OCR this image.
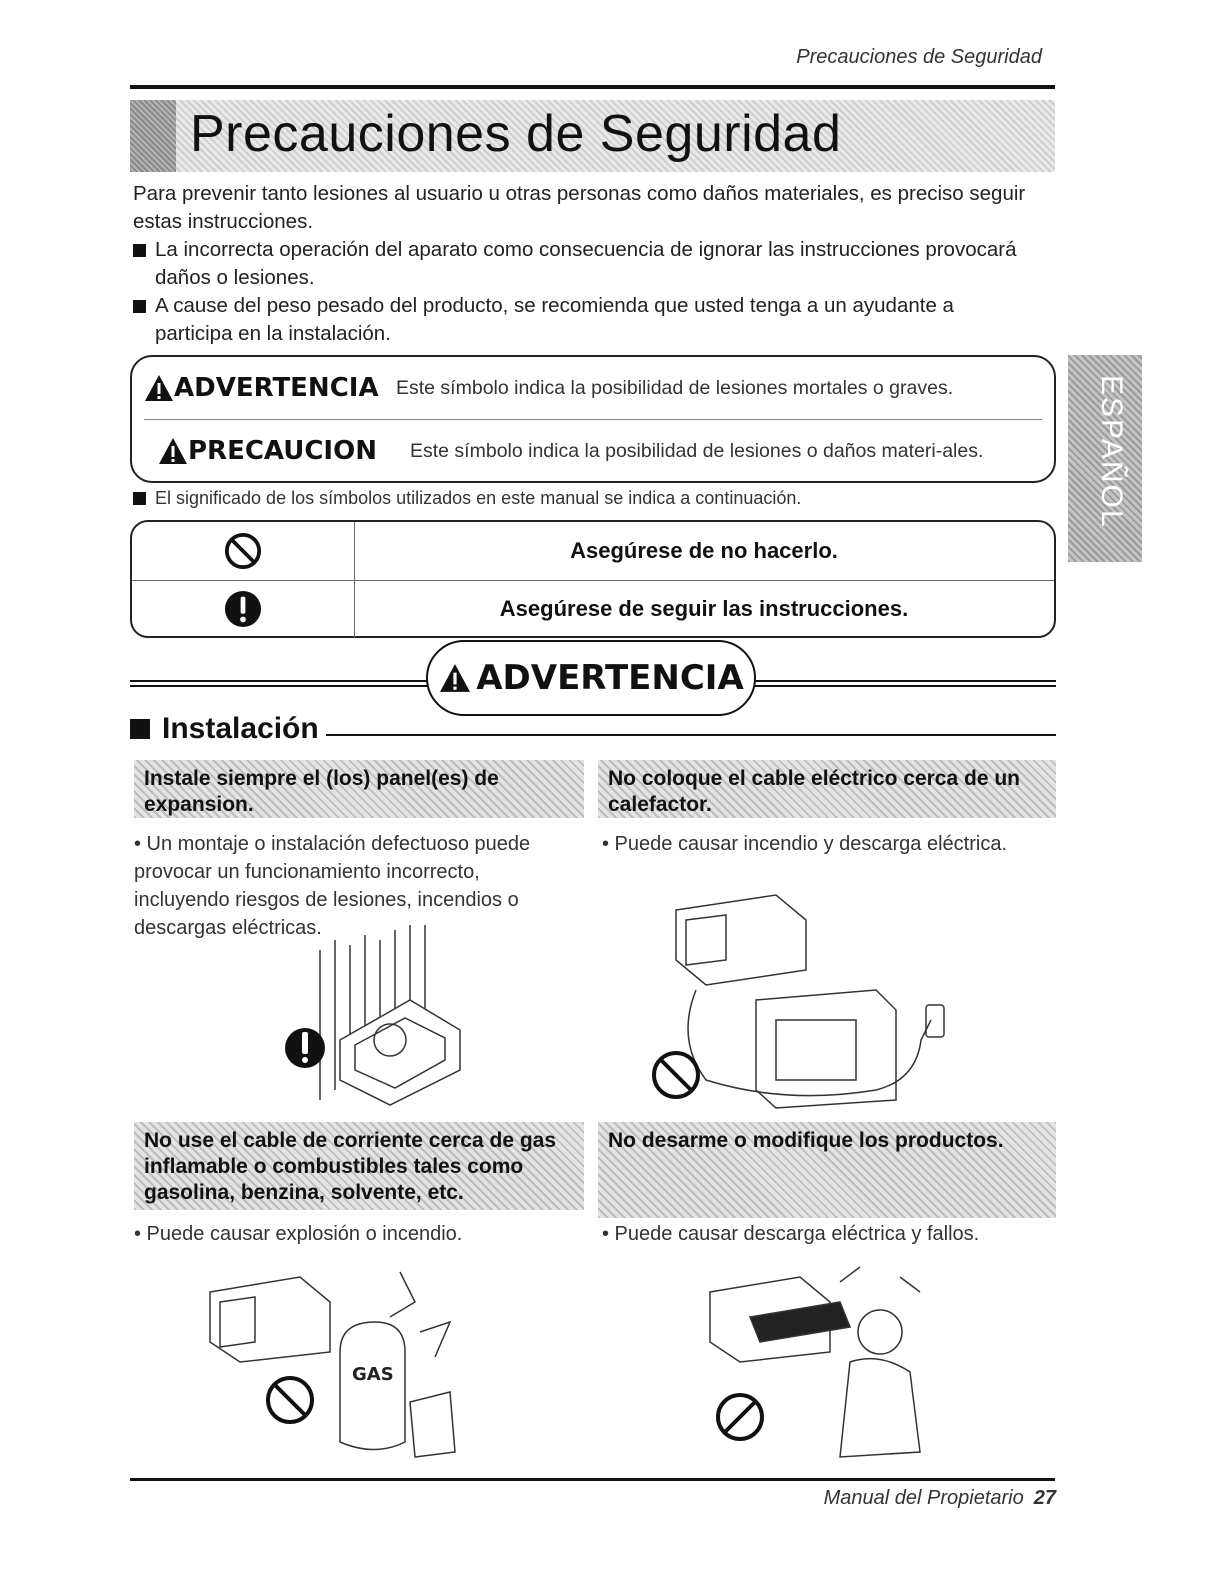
Precauciones de Seguridad
Precauciones de Seguridad
Para prevenir tanto lesiones al usuario u otras personas como daños materiales, es preciso seguir estas instrucciones.
La incorrecta operación del aparato como consecuencia de ignorar las instrucciones provocará daños o lesiones.
A cause del peso pesado del producto, se recomienda que usted tenga a un ayudante a participa en la instalación.
ADVERTENCIA Este símbolo indica la posibilidad de lesiones mortales o graves.
PRECAUCION Este símbolo indica la posibilidad de lesiones o daños materi-ales.
El significado de los símbolos utilizados en este manual se indica a continuación.
Asegúrese de no hacerlo.
Asegúrese de seguir las instrucciones.
ADVERTENCIA
Instalación
Instale siempre el (los) panel(es) de expansion.
• Un montaje o instalación defectuoso puede provocar un funcionamiento incorrecto, incluyendo riesgos de lesiones, incendios o descargas eléctricas.
No coloque el cable eléctrico cerca de un calefactor.
• Puede causar incendio y descarga eléctrica.
No use el cable de corriente cerca de gas inflamable o combustibles tales como gasolina, benzina, solvente, etc.
• Puede causar explosión o incendio.
GAS
No desarme o modifique los productos.
• Puede causar descarga eléctrica y fallos.
ESPAÑOL
Manual del Propietario 27
